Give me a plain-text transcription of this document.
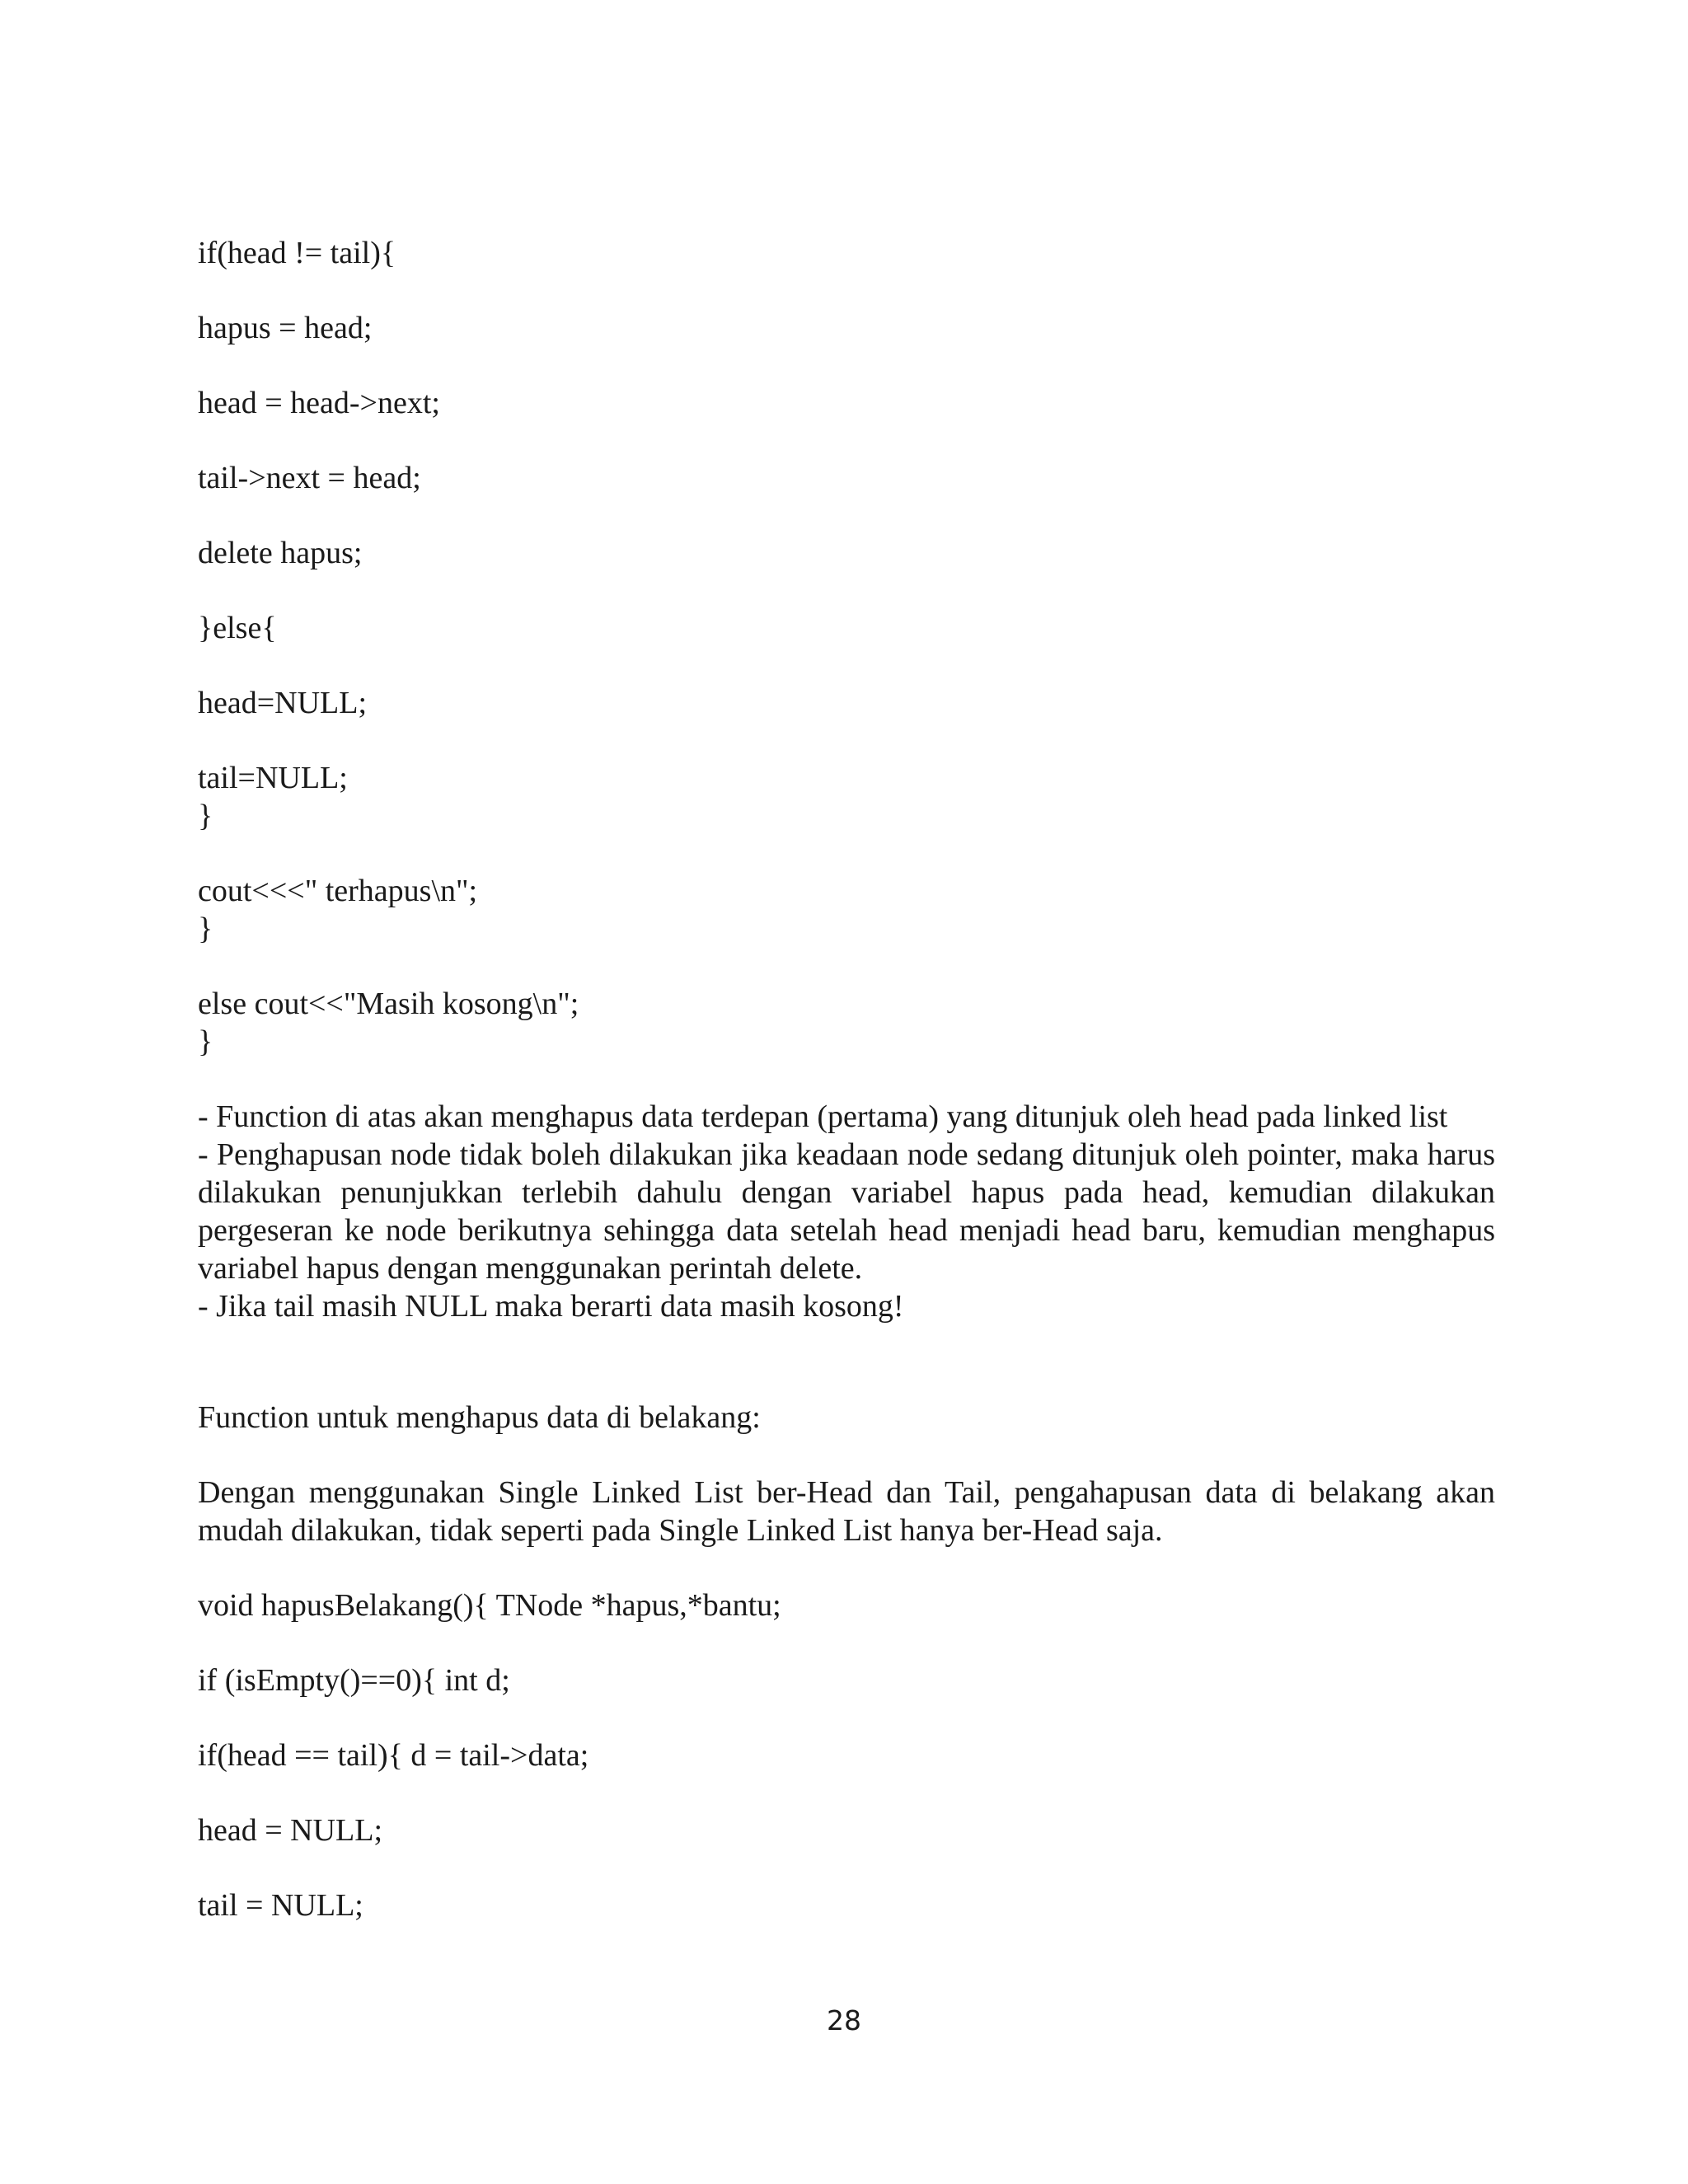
if(head != tail){
hapus = head;
head = head->next;
tail->next = head;
delete hapus;
}else{
head=NULL;
tail=NULL;
}
cout<<<" terhapus\n";
}
else cout<<"Masih kosong\n";
}
- Function di atas akan menghapus data terdepan (pertama) yang ditunjuk oleh head pada linked list
- Penghapusan node tidak boleh dilakukan jika keadaan node sedang ditunjuk oleh pointer, maka harus dilakukan penunjukkan terlebih dahulu dengan variabel hapus pada head, kemudian dilakukan pergeseran ke node berikutnya sehingga data setelah head menjadi head baru, kemudian menghapus variabel hapus dengan menggunakan perintah delete.
- Jika tail masih NULL maka berarti data masih kosong!
Function untuk menghapus data di belakang:
Dengan menggunakan Single Linked List ber-Head dan Tail, pengahapusan data di belakang akan mudah dilakukan, tidak seperti pada Single Linked List hanya ber-Head saja.
void hapusBelakang(){ TNode *hapus,*bantu;
if (isEmpty()==0){ int d;
if(head == tail){ d = tail->data;
head = NULL;
tail = NULL;
28
